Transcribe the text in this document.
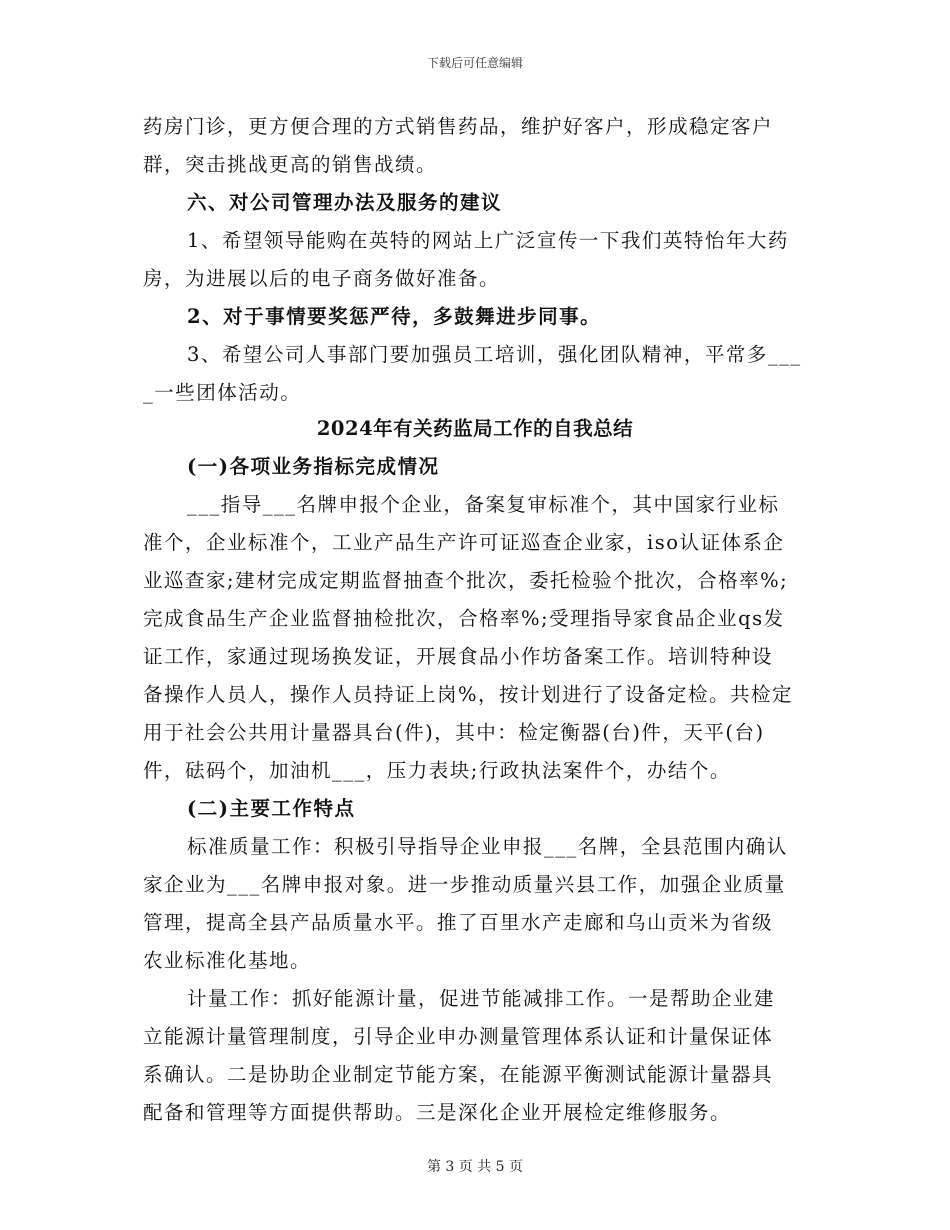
下载后可任意编辑
药房门诊，更方便合理的方式销售药品，维护好客户，形成稳定客户
群，突击挑战更高的销售战绩。
六、对公司管理办法及服务的建议
1、希望领导能购在英特的网站上广泛宣传一下我们英特怡年大药
房，为进展以后的电子商务做好准备。
2、对于事情要奖惩严待，多鼓舞进步同事。
3、希望公司人事部门要加强员工培训，强化团队精神，平常多___
_一些团体活动。
2024年有关药监局工作的自我总结
(一)各项业务指标完成情况
___指导___名牌申报个企业，备案复审标准个，其中国家行业标
准个，企业标准个，工业产品生产许可证巡查企业家，iso认证体系企
业巡查家;建材完成定期监督抽查个批次，委托检验个批次，合格率%;
完成食品生产企业监督抽检批次，合格率%;受理指导家食品企业qs发
证工作，家通过现场换发证，开展食品小作坊备案工作。培训特种设
备操作人员人，操作人员持证上岗%，按计划进行了设备定检。共检定
用于社会公共用计量器具台(件)，其中：检定衡器(台)件，天平(台)
件，砝码个，加油机___，压力表块;行政执法案件个，办结个。
(二)主要工作特点
标准质量工作：积极引导指导企业申报___名牌，全县范围内确认
家企业为___名牌申报对象。进一步推动质量兴县工作，加强企业质量
管理，提高全县产品质量水平。推了百里水产走廊和乌山贡米为省级
农业标准化基地。
计量工作：抓好能源计量，促进节能减排工作。一是帮助企业建
立能源计量管理制度，引导企业申办测量管理体系认证和计量保证体
系确认。二是协助企业制定节能方案，在能源平衡测试能源计量器具
配备和管理等方面提供帮助。三是深化企业开展检定维修服务。
第 3 页 共 5 页
